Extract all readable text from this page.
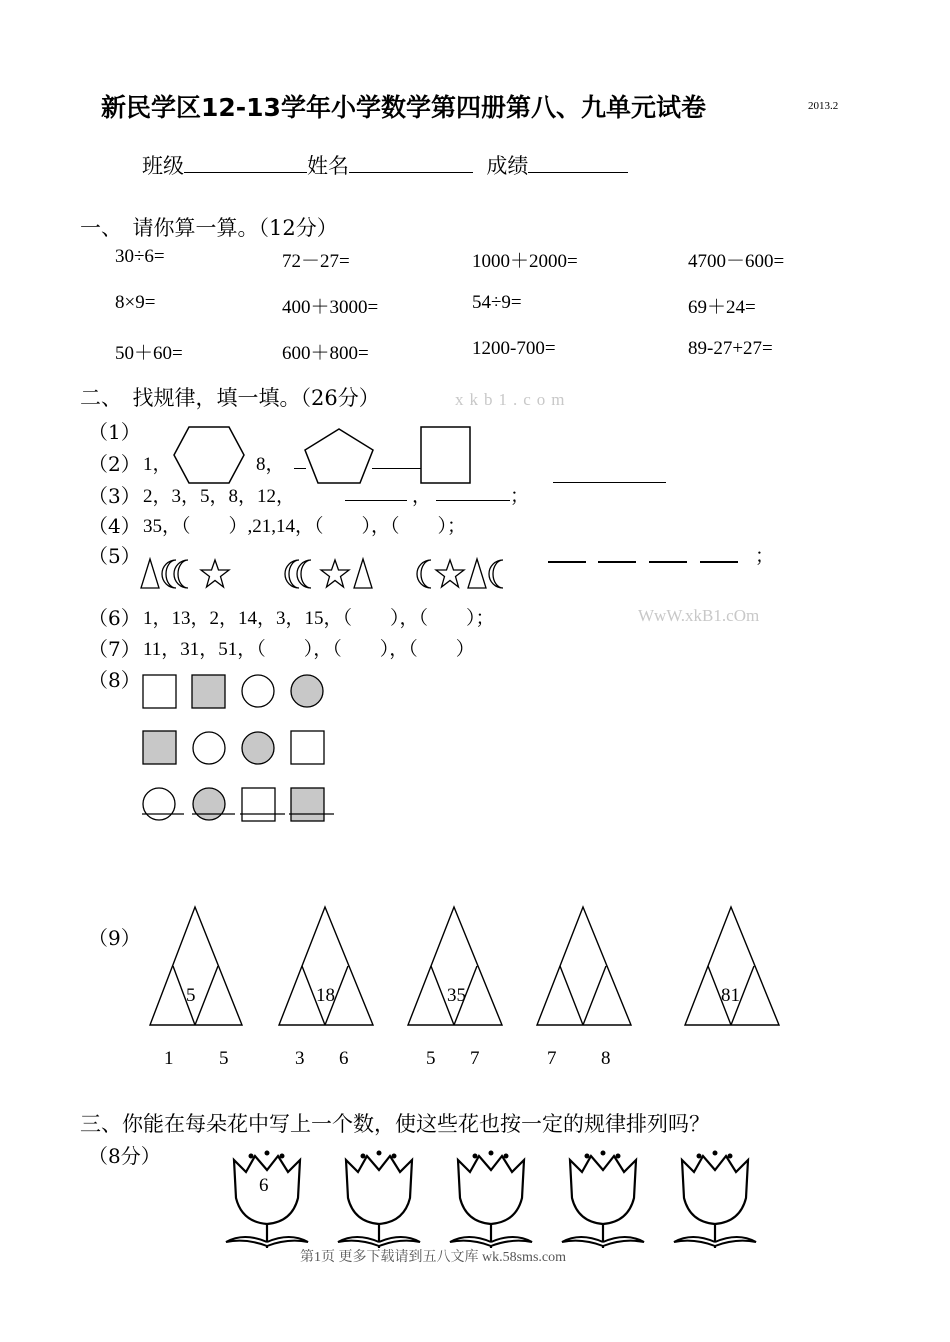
新民学区12-13学年小学数学第四册第八、九单元试卷	2013.2
班级	姓名	成绩
一、　请你算一算。（12分）
30÷6=	72－27=	1000＋2000=	4700－600=
8×9=	400＋3000=	54÷9=	69＋24=
50＋60=	600＋800=	1200-700=	89-27+27=
二、　找规律，填一填。（26分）	xkb1.com
（1）
（2） 1，	8，
（3） 2，3，5，8，12，	，	；
（4） 35，（　　）,21,14，（　　），（　　）；
（5）	；
（6） 1，13，2，14，3，15，（　　），（　　）；	WwW.xkB1.cOm
（7） 11，31，51，（　　），（　　），（　　）
（8）
（9）
5
1 5
18
3 6
35
5 7	7 8
81
三、你能在每朵花中写上一个数，使这些花也按一定的规律排列吗？
（8分）
6
第1页 更多下载请到五八文库 wk.58sms.com
